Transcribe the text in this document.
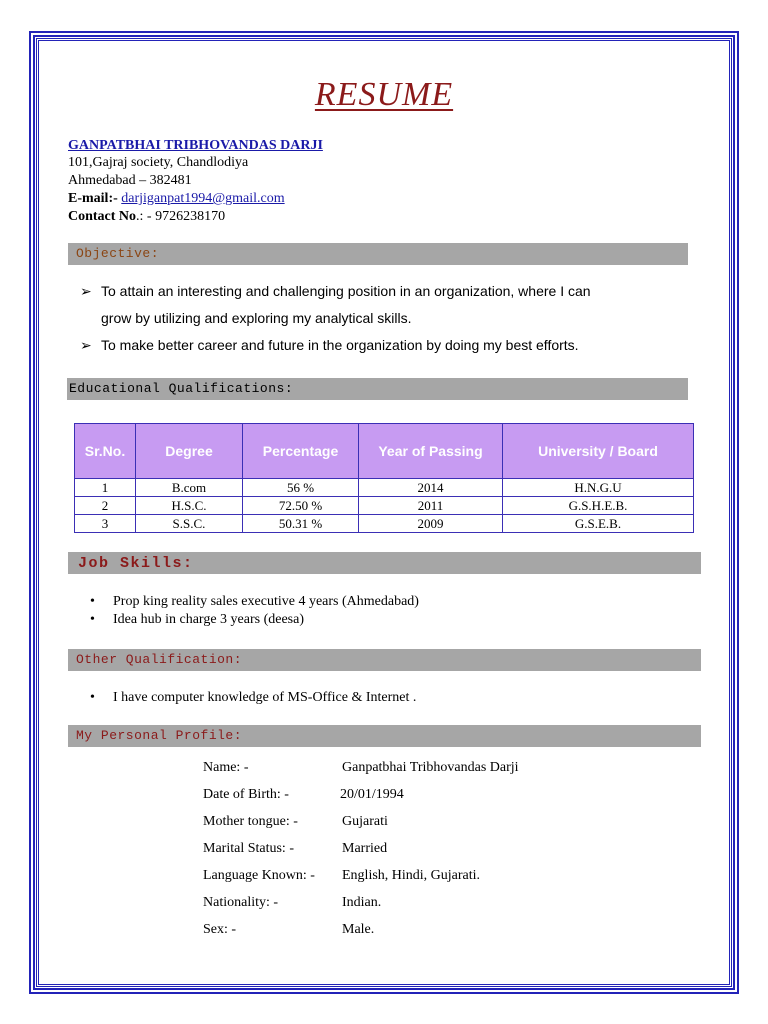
RESUME
GANPATBHAI TRIBHOVANDAS DARJI
101,Gajraj society, Chandlodiya
Ahmedabad – 382481
E-mail:- darjiganpat1994@gmail.com
Contact No.: - 9726238170
Objective:
➢ To attain an interesting and challenging position in an organization, where I can
grow by utilizing and exploring my analytical skills.
➢ To make better career and future in the organization by doing my best efforts.
Educational Qualifications:
Sr.No.	Degree	Percentage	Year of Passing	University / Board
1	B.com	56 %	2014	H.N.G.U
2	H.S.C.	72.50 %	2011	G.S.H.E.B.
3	S.S.C.	50.31 %	2009	G.S.E.B.
Job Skills:
• Prop king reality sales executive 4 years (Ahmedabad)
• Idea hub in charge 3 years (deesa)
Other Qualification:
• I have computer knowledge of MS-Office & Internet .
My Personal Profile:
Name: -	Ganpatbhai Tribhovandas Darji
Date of Birth: -	20/01/1994
Mother tongue: -	Gujarati
Marital Status: -	Married
Language Known: - English, Hindi, Gujarati.
Nationality: -	Indian.
Sex: -	Male.
